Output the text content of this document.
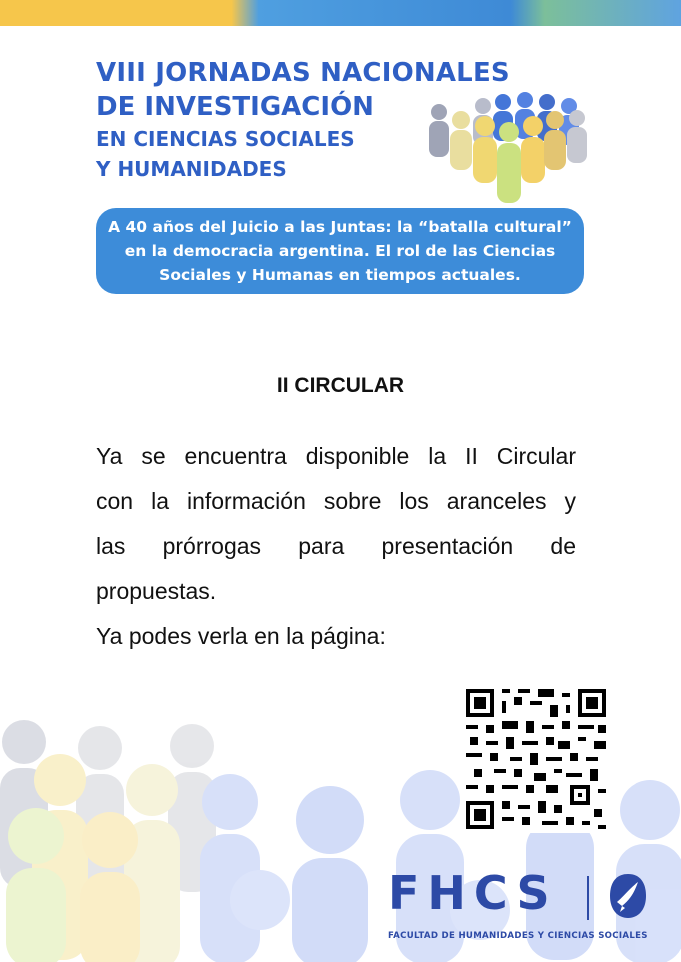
VIII JORNADAS NACIONALES
DE INVESTIGACIÓN
EN CIENCIAS SOCIALES
Y HUMANIDADES
A 40 años del Juicio a las Juntas: la “batalla cultural”
en la democracia argentina. El rol de las Ciencias
Sociales y Humanas en tiempos actuales.
II CIRCULAR
Ya se encuentra disponible la II Circular
con la información sobre los aranceles y
las prórrogas para presentación de
propuestas.
Ya podes verla en la página:
FHCS
FACULTAD DE HUMANIDADES Y CIENCIAS SOCIALES
